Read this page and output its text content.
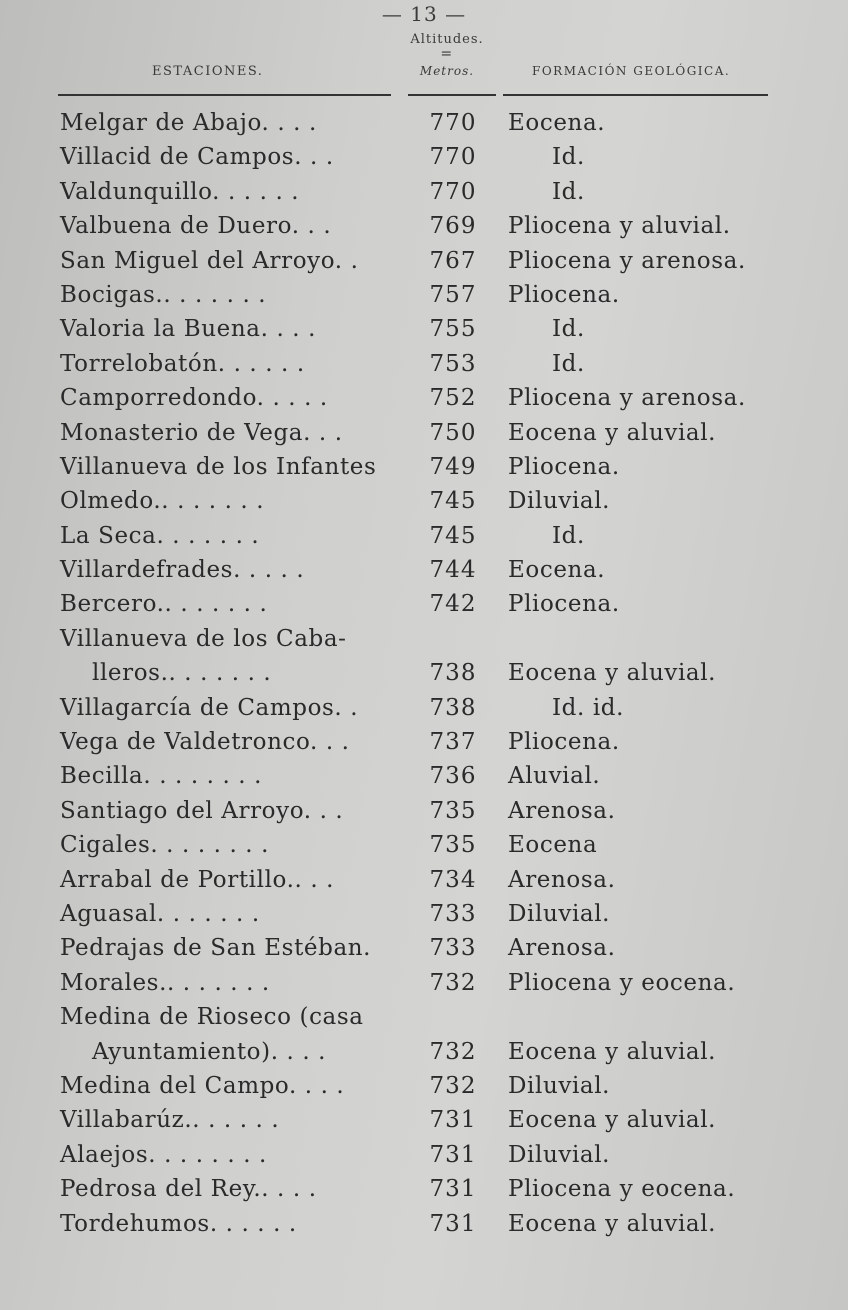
— 13 —
ESTACIONES.
Altitudes.
=
Metros.	FORMACIÓN GEOLÓGICA.
Melgar de Abajo. . . .	770	Eocena.
Villacid de Campos. . .	770	Id.
Valdunquillo. . . . . .	770	Id.
Valbuena de Duero. . .	769	Pliocena y aluvial.
San Miguel del Arroyo. .	767	Pliocena y arenosa.
Bocigas.. . . . . . .	757	Pliocena.
Valoria la Buena. . . .	755	Id.
Torrelobatón. . . . . .	753	Id.
Camporredondo. . . . .	752	Pliocena y arenosa.
Monasterio de Vega. . .	750	Eocena y aluvial.
Villanueva de los Infantes	749	Pliocena.
Olmedo.. . . . . . .	745	Diluvial.
La Seca. . . . . . .	745	Id.
Villardefrades. . . . .	744	Eocena.
Bercero.. . . . . . .	742	Pliocena.
Villanueva de los Caba-
lleros.. . . . . . .	738	Eocena y aluvial.
Villagarcía de Campos. .	738	Id. id.
Vega de Valdetronco. . .	737	Pliocena.
Becilla. . . . . . . .	736	Aluvial.
Santiago del Arroyo. . .	735	Arenosa.
Cigales. . . . . . . .	735	Eocena
Arrabal de Portillo.. . .	734	Arenosa.
Aguasal. . . . . . .	733	Diluvial.
Pedrajas de San Estéban.	733	Arenosa.
Morales.. . . . . . .	732	Pliocena y eocena.
Medina de Rioseco (casa
Ayuntamiento). . . .	732	Eocena y aluvial.
Medina del Campo. . . .	732	Diluvial.
Villabarúz.. . . . . .	731	Eocena y aluvial.
Alaejos. . . . . . . .	731	Diluvial.
Pedrosa del Rey.. . . .	731	Pliocena y eocena.
Tordehumos. . . . . .	731	Eocena y aluvial.
